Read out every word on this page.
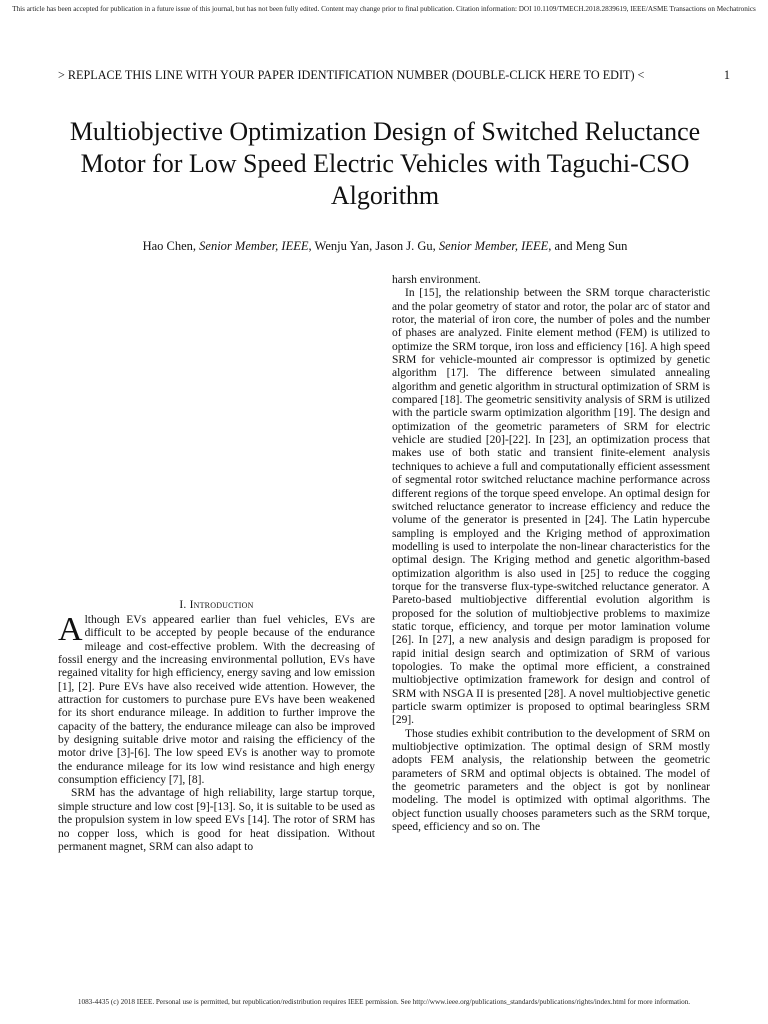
This article has been accepted for publication in a future issue of this journal, but has not been fully edited. Content may change prior to final publication. Citation information: DOI 10.1109/TMECH.2018.2839619, IEEE/ASME Transactions on Mechatronics
> REPLACE THIS LINE WITH YOUR PAPER IDENTIFICATION NUMBER (DOUBLE-CLICK HERE TO EDIT) <	1
Multiobjective Optimization Design of Switched Reluctance Motor for Low Speed Electric Vehicles with Taguchi-CSO Algorithm
Hao Chen, Senior Member, IEEE, Wenju Yan, Jason J. Gu, Senior Member, IEEE, and Meng Sun
I. Introduction

Although EVs appeared earlier than fuel vehicles, EVs are difficult to be accepted by people because of the endurance mileage and cost-effective problem. With the decreasing of fossil energy and the increasing environmental pollution, EVs have regained vitality for high efficiency, energy saving and low emission [1], [2]. Pure EVs have also received wide attention. However, the attraction for customers to purchase pure EVs have been weakened for its short endurance mileage. In addition to further improve the capacity of the battery, the endurance mileage can also be improved by designing suitable drive motor and raising the efficiency of the motor drive [3]-[6]. The low speed EVs is another way to promote the endurance mileage for its low wind resistance and high energy consumption efficiency [7], [8].

SRM has the advantage of high reliability, large startup torque, simple structure and low cost [9]-[13]. So, it is suitable to be used as the propulsion system in low speed EVs [14]. The rotor of SRM has no copper loss, which is good for heat dissipation. Without permanent magnet, SRM can also adapt to

harsh environment.

In [15], the relationship between the SRM torque characteristic and the polar geometry of stator and rotor, the polar arc of stator and rotor, the material of iron core, the number of poles and the number of phases are analyzed. Finite element method (FEM) is utilized to optimize the SRM torque, iron loss and efficiency [16]. A high speed SRM for vehicle-mounted air compressor is optimized by genetic algorithm [17]. The difference between simulated annealing algorithm and genetic algorithm in structural optimization of SRM is compared [18]. The geometric sensitivity analysis of SRM is utilized with the particle swarm optimization algorithm [19]. The design and optimization of the geometric parameters of SRM for electric vehicle are studied [20]-[22]. In [23], an optimization process that makes use of both static and transient finite-element analysis techniques to achieve a full and computationally efficient assessment of segmental rotor switched reluctance machine performance across different regions of the torque speed envelope. An optimal design for switched reluctance generator to increase efficiency and reduce the volume of the generator is presented in [24]. The Latin hypercube sampling is employed and the Kriging method of approximation modelling is used to interpolate the non-linear characteristics for the optimal design. The Kriging method and genetic algorithm-based optimization algorithm is also used in [25] to reduce the cogging torque for the transverse flux-type-switched reluctance generator. A Pareto-based multiobjective differential evolution algorithm is proposed for the solution of multiobjective problems to maximize static torque, efficiency, and torque per motor lamination volume [26]. In [27], a new analysis and design paradigm is proposed for rapid initial design search and optimization of SRM of various topologies. To make the optimal more efficient, a constrained multiobjective optimization framework for design and control of SRM with NSGA II is presented [28]. A novel multiobjective genetic particle swarm optimizer is proposed to optimal bearingless SRM [29].

Those studies exhibit contribution to the development of SRM on multiobjective optimization. The optimal design of SRM mostly adopts FEM analysis, the relationship between the geometric parameters of SRM and optimal objects is obtained. The model of the geometric parameters and the object is got by nonlinear modeling. The model is optimized with optimal algorithms. The object function usually chooses parameters such as the SRM torque, speed, efficiency and so on. The

1083-4435 (c) 2018 IEEE. Personal use is permitted, but republication/redistribution requires IEEE permission. See http://www.ieee.org/publications_standards/publications/rights/index.html for more information.
